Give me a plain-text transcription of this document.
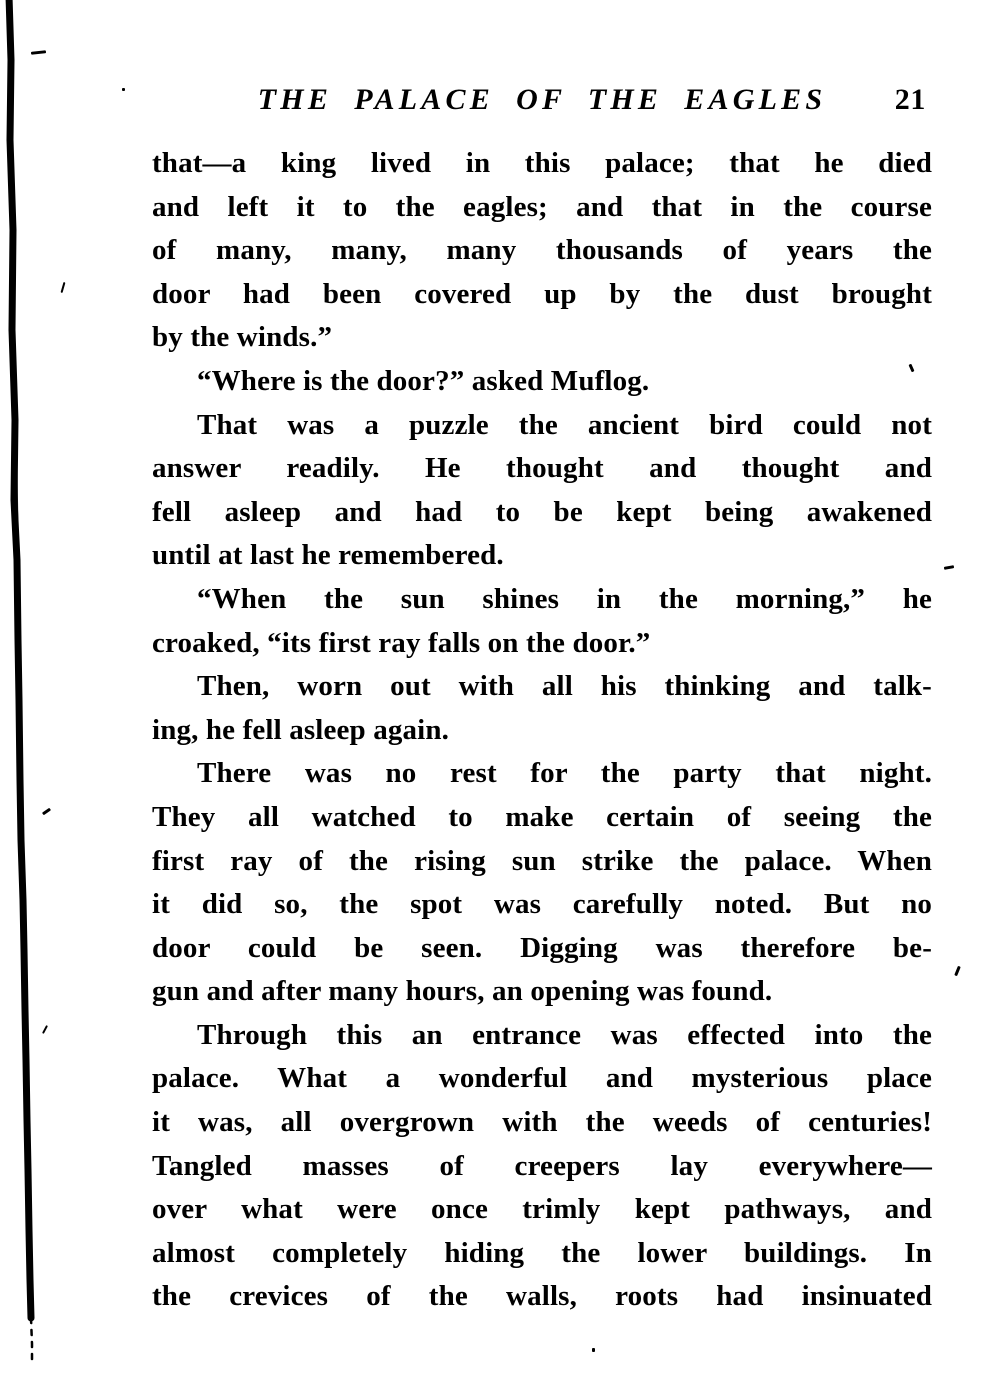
THE PALACE OF THE EAGLES	21
that—a king lived in this palace; that he died
and left it to the eagles; and that in the course
of many, many, many thousands of years the
door had been covered up by the dust brought
by the winds.”
“Where is the door?” asked Muflog.
That was a puzzle the ancient bird could not
answer readily. He thought and thought and
fell asleep and had to be kept being awakened
until at last he remembered.
“When the sun shines in the morning,” he
croaked, “its first ray falls on the door.”
Then, worn out with all his thinking and talk-
ing, he fell asleep again.
There was no rest for the party that night.
They all watched to make certain of seeing the
first ray of the rising sun strike the palace. When
it did so, the spot was carefully noted. But no
door could be seen. Digging was therefore be-
gun and after many hours, an opening was found.
Through this an entrance was effected into the
palace. What a wonderful and mysterious place
it was, all overgrown with the weeds of centuries!
Tangled masses of creepers lay everywhere—
over what were once trimly kept pathways, and
almost completely hiding the lower buildings. In
the crevices of the walls, roots had insinuated
